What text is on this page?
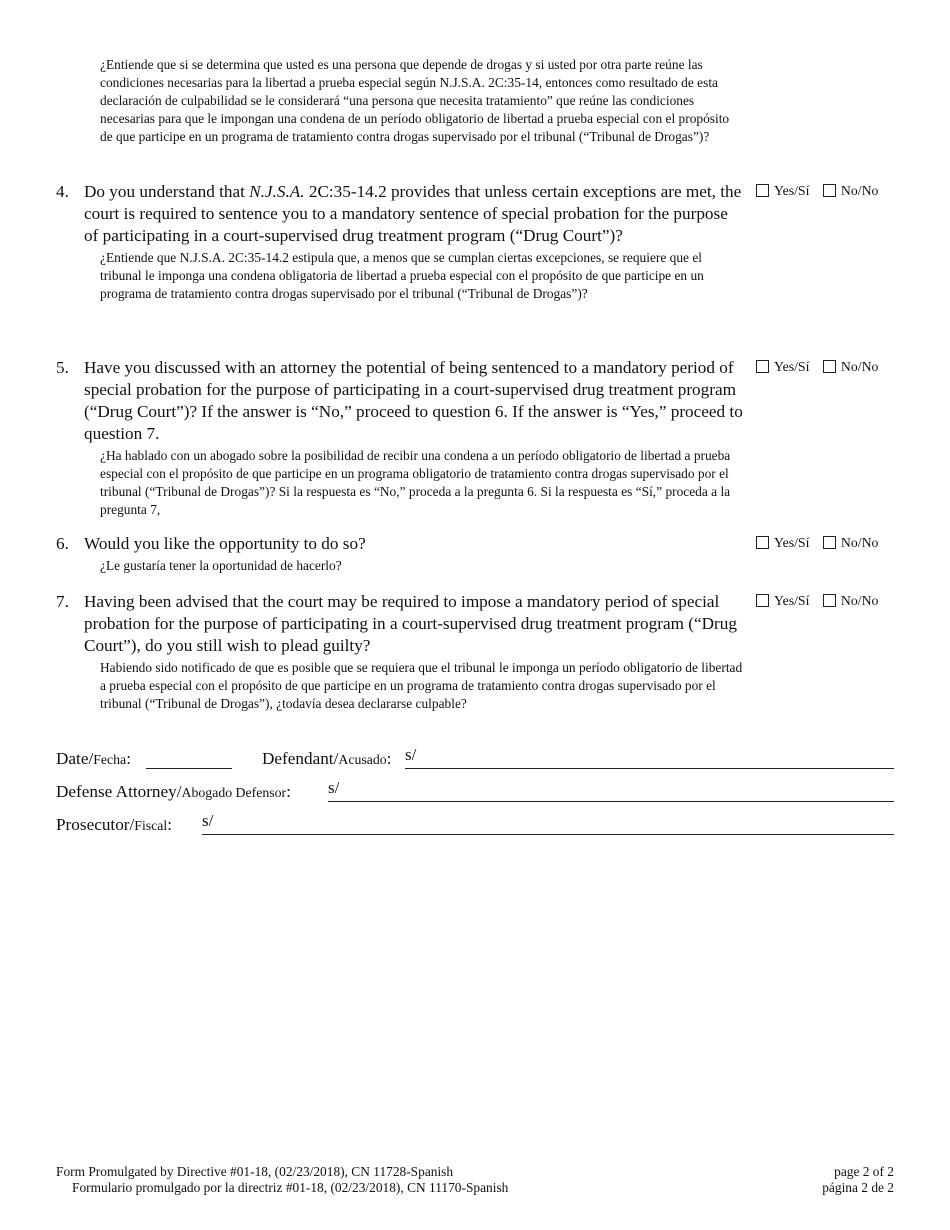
¿Entiende que si se determina que usted es una persona que depende de drogas y si usted por otra parte reúne las condiciones necesarias para la libertad a prueba especial según N.J.S.A. 2C:35-14, entonces como resultado de esta declaración de culpabilidad se le considerará “una persona que necesita tratamiento” que reúne las condiciones necesarias para que le impongan una condena de un período obligatorio de libertad a prueba especial con el propósito de que participe en un programa de tratamiento contra drogas supervisado por el tribunal (“Tribunal de Drogas”)?
4. Do you understand that N.J.S.A. 2C:35-14.2 provides that unless certain exceptions are met, the court is required to sentence you to a mandatory sentence of special probation for the purpose of participating in a court-supervised drug treatment program (“Drug Court”)?
¿Entiende que N.J.S.A. 2C:35-14.2 estipula que, a menos que se cumplan ciertas excepciones, se requiere que el tribunal le imponga una condena obligatoria de libertad a prueba especial con el propósito de que participe en un programa de tratamiento contra drogas supervisado por el tribunal (“Tribunal de Drogas”)?
Yes/Sí No/No
5. Have you discussed with an attorney the potential of being sentenced to a mandatory period of special probation for the purpose of participating in a court-supervised drug treatment program (“Drug Court”)? If the answer is “No,” proceed to question 6. If the answer is “Yes,” proceed to question 7.
¿Ha hablado con un abogado sobre la posibilidad de recibir una condena a un período obligatorio de libertad a prueba especial con el propósito de que participe en un programa obligatorio de tratamiento contra drogas supervisado por el tribunal (“Tribunal de Drogas”)? Si la respuesta es “No,” proceda a la pregunta 6. Si la respuesta es “Sí,” proceda a la pregunta 7,
Yes/Sí No/No
6. Would you like the opportunity to do so?
¿Le gustaría tener la oportunidad de hacerlo?
Yes/Sí No/No
7. Having been advised that the court may be required to impose a mandatory period of special probation for the purpose of participating in a court-supervised drug treatment program (“Drug Court”), do you still wish to plead guilty?
Habiendo sido notificado de que es posible que se requiera que el tribunal le imponga un período obligatorio de libertad a prueba especial con el propósito de que participe en un programa de tratamiento contra drogas supervisado por el tribunal (“Tribunal de Drogas”), ¿todavía desea declararse culpable?
Yes/Sí No/No
Date/Fecha:	Defendant/Acusado: s/
Defense Attorney/Abogado Defensor: s/
Prosecutor/Fiscal: s/
Form Promulgated by Directive #01-18, (02/23/2018), CN 11728-Spanish
Formulario promulgado por la directriz #01-18, (02/23/2018), CN 11170-Spanish
page 2 of 2
página 2 de 2
